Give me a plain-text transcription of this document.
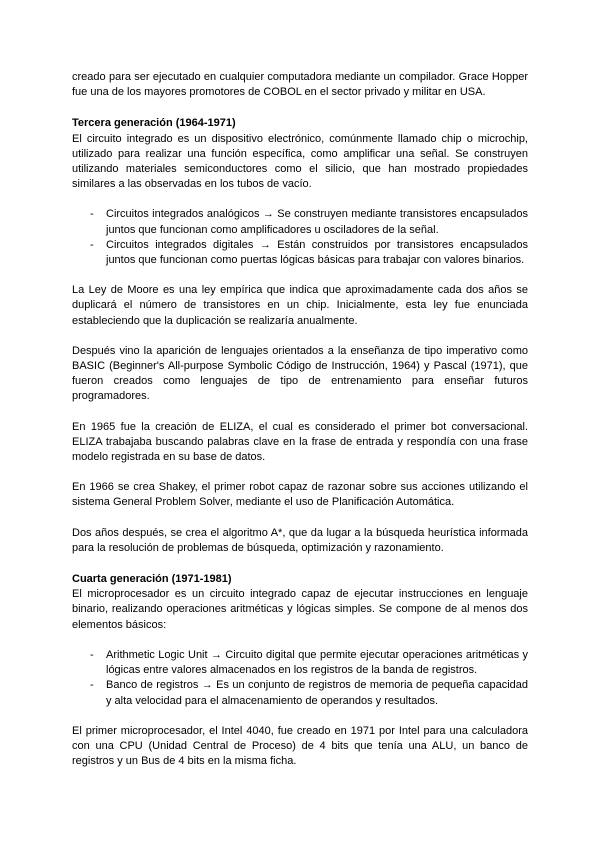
creado para ser ejecutado en cualquier computadora mediante un compilador. Grace Hopper fue una de los mayores promotores de COBOL en el sector privado y militar en USA.

Tercera generación (1964-1971)

El circuito integrado es un dispositivo electrónico, comúnmente llamado chip o microchip, utilizado para realizar una función específica, como amplificar una señal. Se construyen utilizando materiales semiconductores como el silicio, que han mostrado propiedades similares a las observadas en los tubos de vacío.

- Circuitos integrados analógicos → Se construyen mediante transistores encapsulados juntos que funcionan como amplificadores u osciladores de la señal.
- Circuitos integrados digitales → Están construidos por transistores encapsulados juntos que funcionan como puertas lógicas básicas para trabajar con valores binarios.

La Ley de Moore es una ley empírica que indica que aproximadamente cada dos años se duplicará el número de transistores en un chip. Inicialmente, esta ley fue enunciada estableciendo que la duplicación se realizaría anualmente.

Después vino la aparición de lenguajes orientados a la enseñanza de tipo imperativo como BASIC (Beginner's All-purpose Symbolic Código de Instrucción, 1964) y Pascal (1971), que fueron creados como lenguajes de tipo de entrenamiento para enseñar futuros programadores.

En 1965 fue la creación de ELIZA, el cual es considerado el primer bot conversacional. ELIZA trabajaba buscando palabras clave en la frase de entrada y respondía con una frase modelo registrada en su base de datos.

En 1966 se crea Shakey, el primer robot capaz de razonar sobre sus acciones utilizando el sistema General Problem Solver, mediante el uso de Planificación Automática.

Dos años después, se crea el algoritmo A*, que da lugar a la búsqueda heurística informada para la resolución de problemas de búsqueda, optimización y razonamiento.

Cuarta generación (1971-1981)

El microprocesador es un circuito integrado capaz de ejecutar instrucciones en lenguaje binario, realizando operaciones aritméticas y lógicas simples. Se compone de al menos dos elementos básicos:

- Arithmetic Logic Unit → Circuito digital que permite ejecutar operaciones aritméticas y lógicas entre valores almacenados en los registros de la banda de registros.
- Banco de registros → Es un conjunto de registros de memoria de pequeña capacidad y alta velocidad para el almacenamiento de operandos y resultados.

El primer microprocesador, el Intel 4040, fue creado en 1971 por Intel para una calculadora con una CPU (Unidad Central de Proceso) de 4 bits que tenía una ALU, un banco de registros y un Bus de 4 bits en la misma ficha.
